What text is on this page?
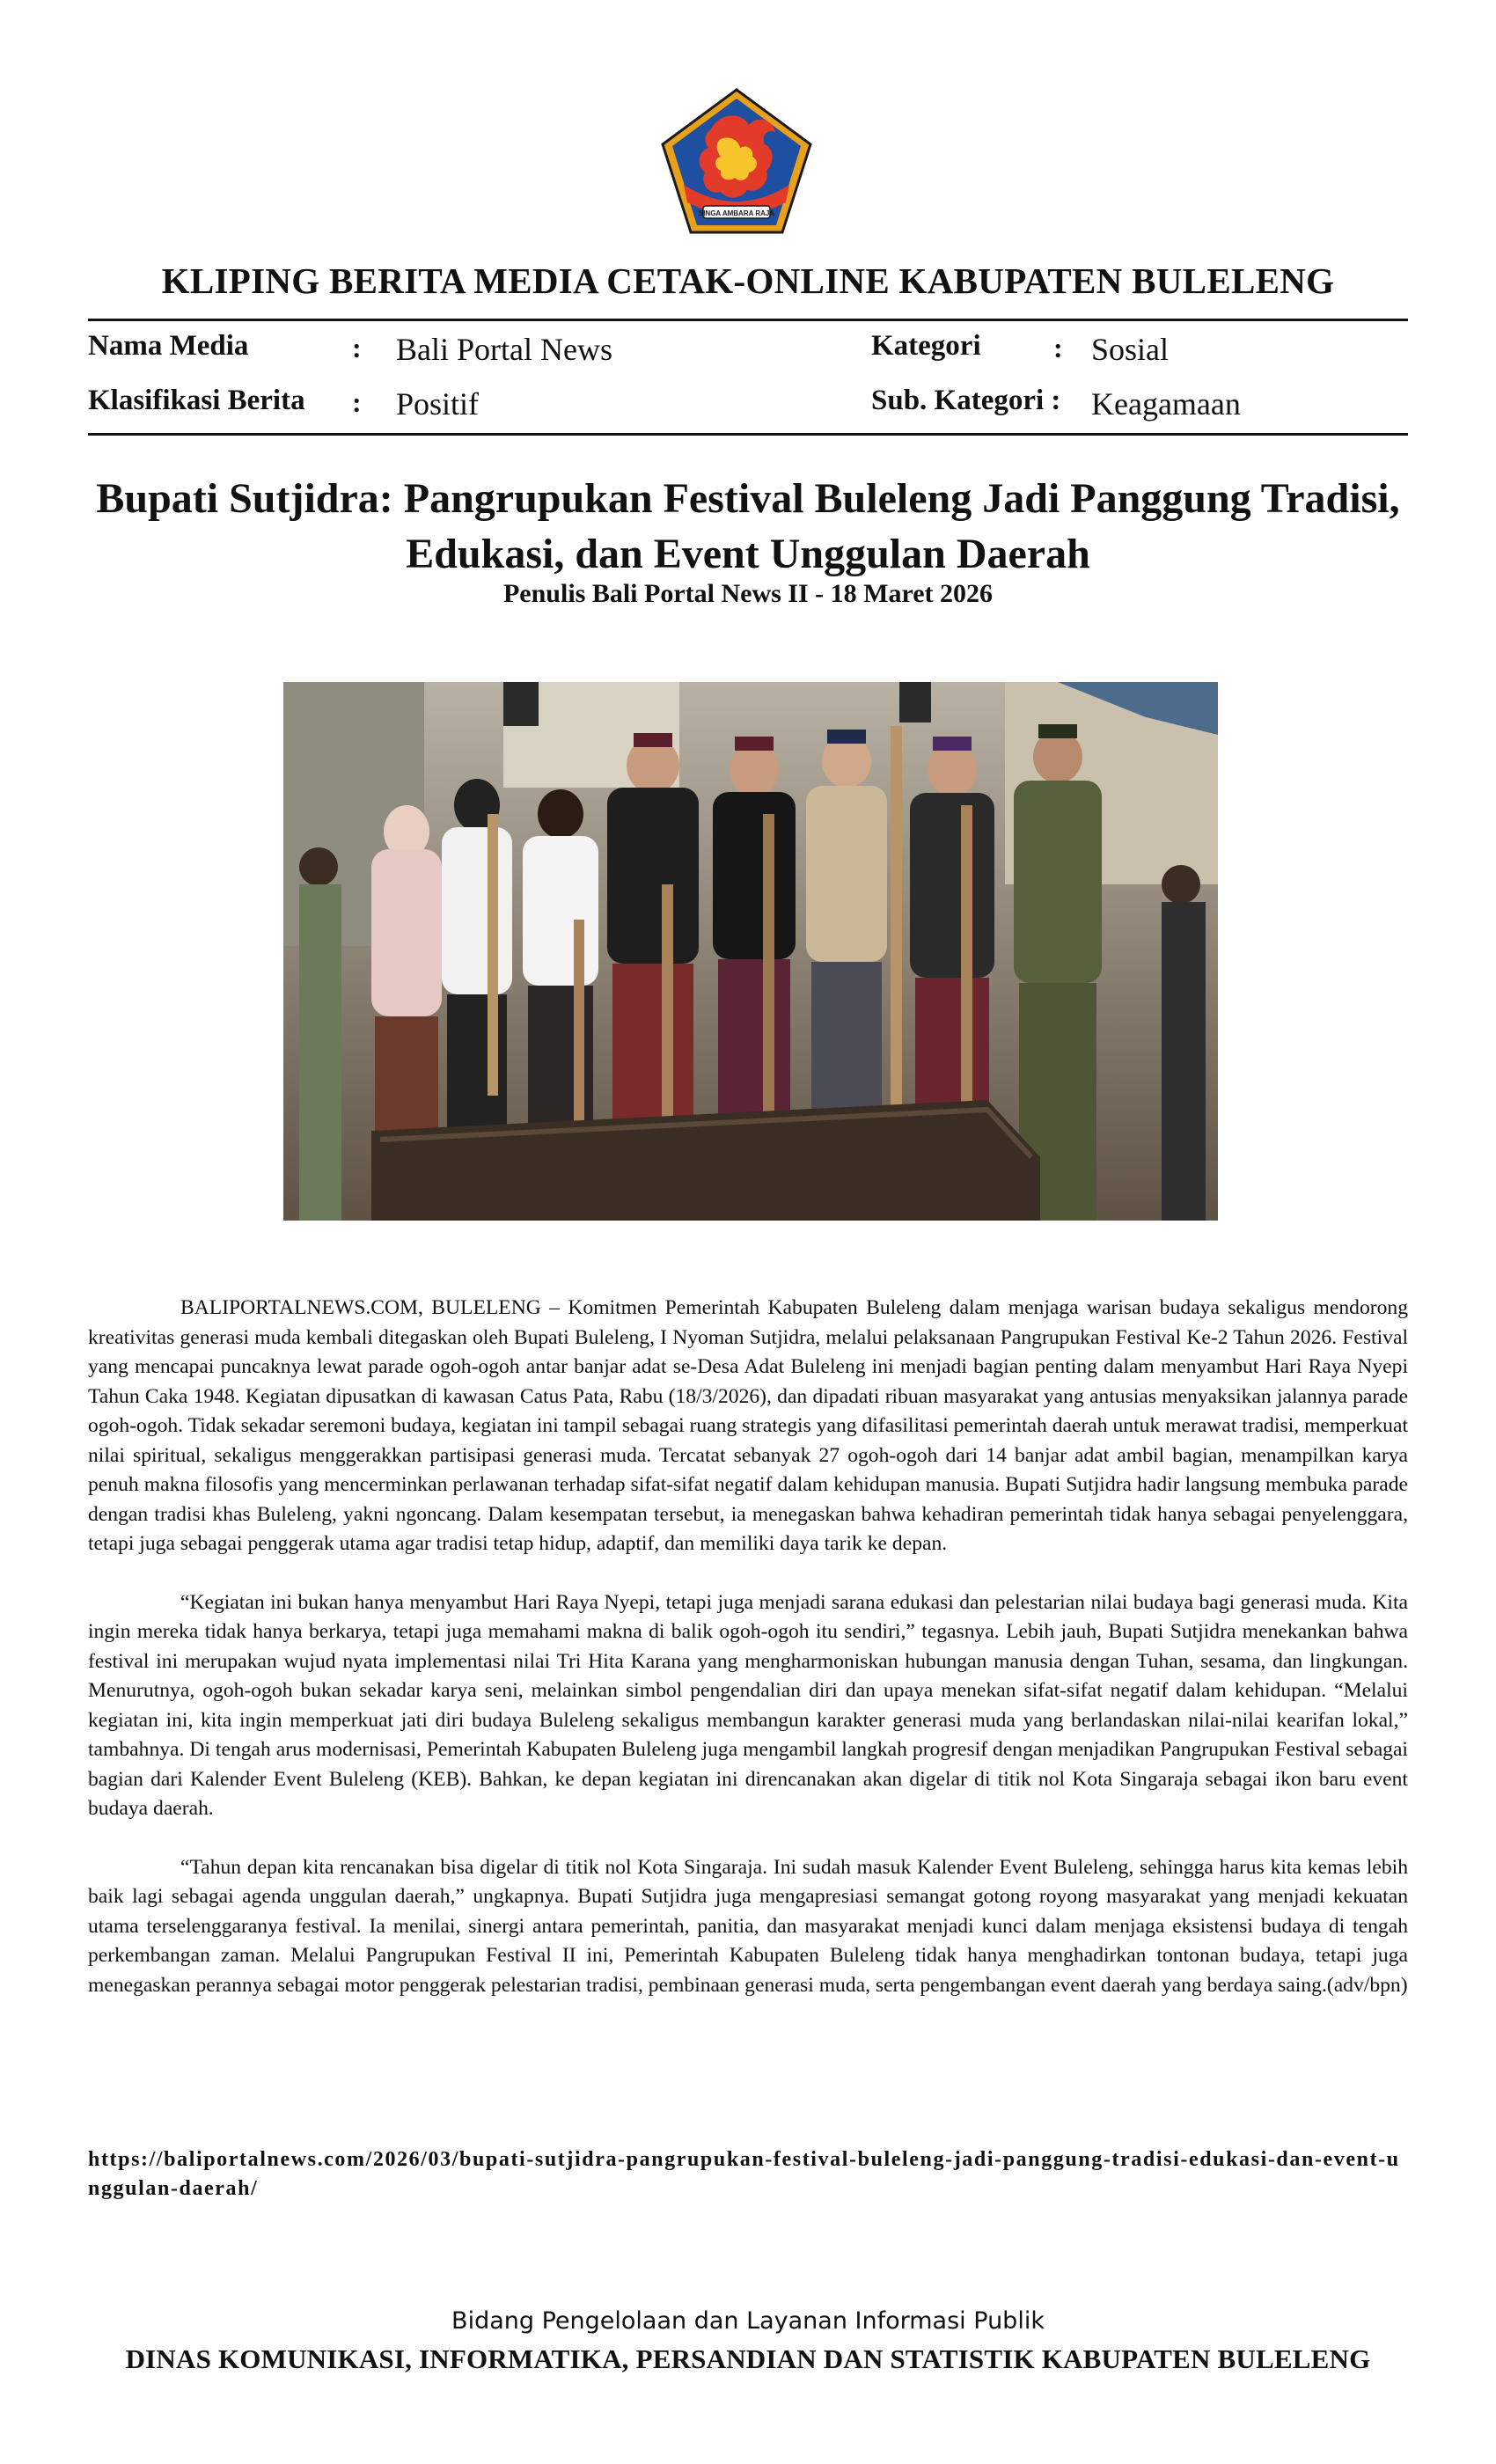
SINGA AMBARA RAJA
KLIPING BERITA MEDIA CETAK-ONLINE KABUPATEN BULELENG
Nama Media	: Bali Portal News	Kategori	: Sosial
Klasifikasi Berita : Positif	Sub. Kategori : Keagamaan
Bupati Sutjidra: Pangrupukan Festival Buleleng Jadi Panggung Tradisi,
Edukasi, dan Event Unggulan Daerah
Penulis Bali Portal News II - 18 Maret 2026

BALIPORTALNEWS.COM, BULELENG – Komitmen Pemerintah Kabupaten Buleleng dalam menjaga warisan budaya sekaligus mendorong kreativitas generasi muda kembali ditegaskan oleh Bupati Buleleng, I Nyoman Sutjidra, melalui pelaksanaan Pangrupukan Festival Ke-2 Tahun 2026. Festival yang mencapai puncaknya lewat parade ogoh-ogoh antar banjar adat se-Desa Adat Buleleng ini menjadi bagian penting dalam menyambut Hari Raya Nyepi Tahun Caka 1948. Kegiatan dipusatkan di kawasan Catus Pata, Rabu (18/3/2026), dan dipadati ribuan masyarakat yang antusias menyaksikan jalannya parade ogoh-ogoh. Tidak sekadar seremoni budaya, kegiatan ini tampil sebagai ruang strategis yang difasilitasi pemerintah daerah untuk merawat tradisi, memperkuat nilai spiritual, sekaligus menggerakkan partisipasi generasi muda. Tercatat sebanyak 27 ogoh-ogoh dari 14 banjar adat ambil bagian, menampilkan karya penuh makna filosofis yang mencerminkan perlawanan terhadap sifat-sifat negatif dalam kehidupan manusia. Bupati Sutjidra hadir langsung membuka parade dengan tradisi khas Buleleng, yakni ngoncang. Dalam kesempatan tersebut, ia menegaskan bahwa kehadiran pemerintah tidak hanya sebagai penyelenggara, tetapi juga sebagai penggerak utama agar tradisi tetap hidup, adaptif, dan memiliki daya tarik ke depan.

“Kegiatan ini bukan hanya menyambut Hari Raya Nyepi, tetapi juga menjadi sarana edukasi dan pelestarian nilai budaya bagi generasi muda. Kita ingin mereka tidak hanya berkarya, tetapi juga memahami makna di balik ogoh-ogoh itu sendiri,” tegasnya. Lebih jauh, Bupati Sutjidra menekankan bahwa festival ini merupakan wujud nyata implementasi nilai Tri Hita Karana yang mengharmoniskan hubungan manusia dengan Tuhan, sesama, dan lingkungan. Menurutnya, ogoh-ogoh bukan sekadar karya seni, melainkan simbol pengendalian diri dan upaya menekan sifat-sifat negatif dalam kehidupan. “Melalui kegiatan ini, kita ingin memperkuat jati diri budaya Buleleng sekaligus membangun karakter generasi muda yang berlandaskan nilai-nilai kearifan lokal,” tambahnya. Di tengah arus modernisasi, Pemerintah Kabupaten Buleleng juga mengambil langkah progresif dengan menjadikan Pangrupukan Festival sebagai bagian dari Kalender Event Buleleng (KEB). Bahkan, ke depan kegiatan ini direncanakan akan digelar di titik nol Kota Singaraja sebagai ikon baru event budaya daerah.

“Tahun depan kita rencanakan bisa digelar di titik nol Kota Singaraja. Ini sudah masuk Kalender Event Buleleng, sehingga harus kita kemas lebih baik lagi sebagai agenda unggulan daerah,” ungkapnya. Bupati Sutjidra juga mengapresiasi semangat gotong royong masyarakat yang menjadi kekuatan utama terselenggaranya festival. Ia menilai, sinergi antara pemerintah, panitia, dan masyarakat menjadi kunci dalam menjaga eksistensi budaya di tengah perkembangan zaman. Melalui Pangrupukan Festival II ini, Pemerintah Kabupaten Buleleng tidak hanya menghadirkan tontonan budaya, tetapi juga menegaskan perannya sebagai motor penggerak pelestarian tradisi, pembinaan generasi muda, serta pengembangan event daerah yang berdaya saing.(adv/bpn)

https://baliportalnews.com/2026/03/bupati-sutjidra-pangrupukan-festival-buleleng-jadi-panggung-tradisi-edukasi-dan-event-unggulan-daerah/
Bidang Pengelolaan dan Layanan Informasi Publik
DINAS KOMUNIKASI, INFORMATIKA, PERSANDIAN DAN STATISTIK KABUPATEN BULELENG
